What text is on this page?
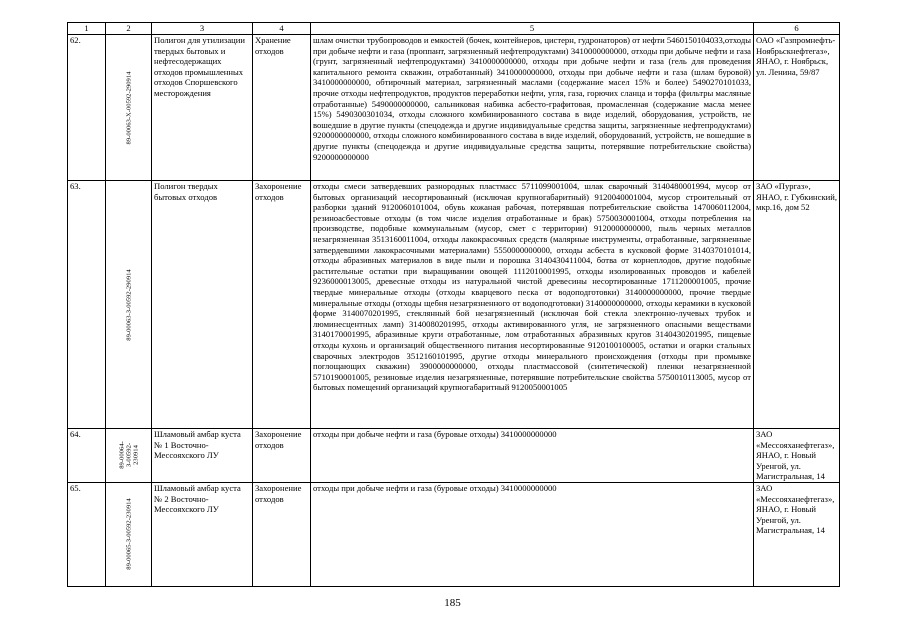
1	2	3	4	5	6
62.	89-00063-Х-00592-290914	Полигон для утилизации твердых бытовых и нефтесодержащих отходов промышленных отходов Споршевского месторождения	Хранение отходов	шлам очистки трубопроводов и емкостей (бочек, контейнеров, цистерн, гудронаторов) от нефти 5460150104033,отходы при добыче нефти и газа (проппант, загрязненный нефтепродуктами) 3410000000000, отходы при добыче нефти и газа (грунт, загрязненный нефтепродуктами) 3410000000000, отходы при добыче нефти и газа (гель для проведения капитального ремонта скважин, отработанный) 3410000000000, отходы при добыче нефти и газа (шлам буровой) 3410000000000, обтирочный материал, загрязненный маслами (содержание масел 15% и более) 5490270101033, прочие отходы нефтепродуктов, продуктов переработки нефти, угля, газа, горючих сланца и торфа (фильтры масляные отработанные) 5490000000000, сальниковая набивка асбесто-графитовая, промасленная (содержание масла менее 15%) 5490300301034, отходы сложного комбинированного состава в виде изделий, оборудования, устройств, не вошедшие в другие пункты (спецодежда и другие индивидуальные средства защиты, загрязненные нефтепродуктами) 9200000000000, отходы сложного комбинированного состава в виде изделий, оборудований, устройств, не вошедшие в другие пункты (спецодежда и другие индивидуальные средства защиты, потерявшие потребительские свойства) 9200000000000	ОАО «Газпромнефть-Ноябрьскнефтегаз», ЯНАО, г. Ноябрьск, ул. Ленина, 59/87
63.	89-00063-З-00592-290914	Полигон твердых бытовых отходов	Захоронение отходов	отходы смеси затвердевших разнородных пластмасс 5711099001004, шлак сварочный 3140480001994, мусор от бытовых организаций несортированный (исключая крупногабаритный) 9120040001004, мусор строительный от разборки зданий 9120060101004, обувь кожаная рабочая, потерявшая потребительские свойства 1470060112004, резиноасбестовые отходы (в том числе изделия отработанные и брак) 5750030001004, отходы потребления на производстве, подобные коммунальным (мусор, смет с территории) 9120000000000, пыль черных металлов незагрязненная 3513160011004, отходы лакокрасочных средств (малярные инструменты, отработанные, загрязненные затвердевшими лакокрасочными материалами) 5550000000000, отходы асбеста в кусковой форме 3140370101014, отходы абразивных материалов в виде пыли и порошка 3140430411004, ботва от корнеплодов, другие подобные растительные остатки при выращивании овощей 1112010001995, отходы изолированных проводов и кабелей 9236000013005, древесные отходы из натуральной чистой древесины несортированные 1711200001005, прочие твердые минеральные отходы (отходы кварцевого песка от водоподготовки) 3140000000000, прочие твердые минеральные отходы (отходы щебня незагрязненного от водоподготовки) 3140000000000, отходы керамики в кусковой форме 3140070201995, стеклянный бой незагрязненный (исключая бой стекла электронно-лучевых трубок и люминесцентных ламп) 3140080201995, отходы активированного угля, не загрязненного опасными веществами 3140170001995, абразивные круги отработанные, лом отработанных абразивных кругов 3140430201995, пищевые отходы кухонь и организаций общественного питания несортированные 9120100100005, остатки и огарки стальных сварочных электродов 3512160101995, другие отходы минерального происхождения (отходы при промывке поглощающих скважин) 3900000000000, отходы пластмассовой (синтетической) пленки незагрязненной 5710190001005, резиновые изделия незагрязненные, потерявшие потребительские свойства 5750010113005, мусор от бытовых помещений организаций крупногабаритный 9120050001005	ЗАО «Пургаз», ЯНАО, г. Губкинский, мкр.16, дом 52
64.	89-00064-З-00592-230914	Шламовый амбар куста № 1 Восточно-Мессояхского ЛУ	Захоронение отходов	отходы при добыче нефти и газа (буровые отходы) 3410000000000	ЗАО «Мессояханефтегаз», ЯНАО, г. Новый Уренгой, ул. Магистральная, 14
65.	89-00065-З-00592-230914	Шламовый амбар куста № 2 Восточно-Мессояхского ЛУ	Захоронение отходов	отходы при добыче нефти и газа (буровые отходы) 3410000000000	ЗАО «Мессояханефтегаз», ЯНАО, г. Новый Уренгой, ул. Магистральная, 14
185
